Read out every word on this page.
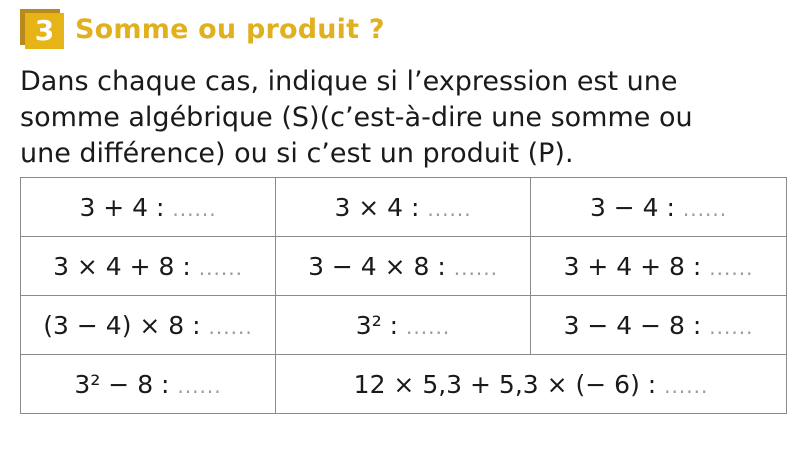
3 Somme ou produit ?
Dans chaque cas, indique si l’expression est une
somme algébrique (S)(c’est-à-dire une somme ou
une différence) ou si c’est un produit (P).
3 + 4 : ......	3 × 4 : ......	3 − 4 : ......
3 × 4 + 8 : ......	3 − 4 × 8 : ......	3 + 4 + 8 : ......
(3 − 4) × 8 : ......	3² : ......	3 − 4 − 8 : ......
3² − 8 : ......	12 × 5,3 + 5,3 × (− 6) : ......	
